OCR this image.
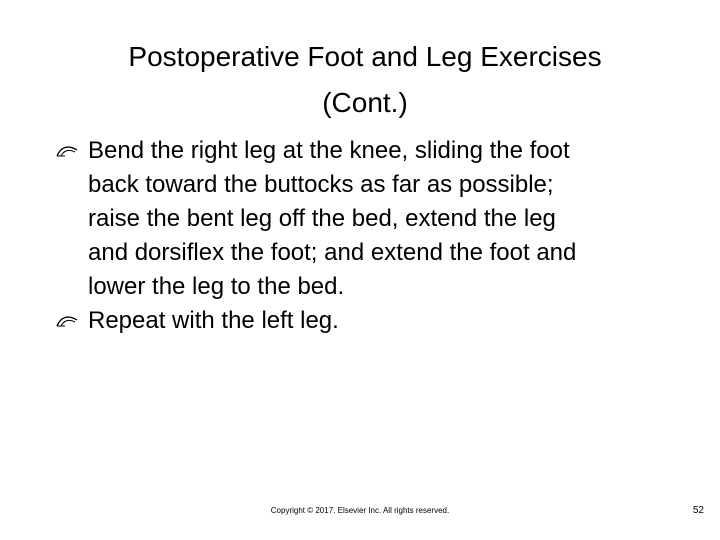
Postoperative Foot and Leg Exercises
(Cont.)
Bend the right leg at the knee, sliding the foot
back toward the buttocks as far as possible;
raise the bent leg off the bed, extend the leg
and dorsiflex the foot; and extend the foot and
lower the leg to the bed.
Repeat with the left leg.
Copyright © 2017. Elsevier Inc. All rights reserved.	52
